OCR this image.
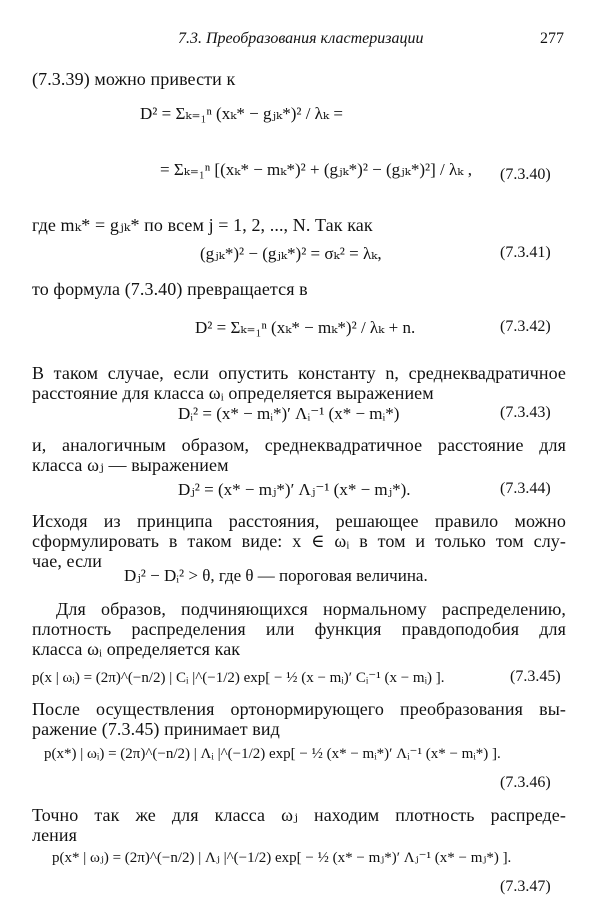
7.3. Преобразования кластеризации	277
(7.3.39) можно привести к
D² = Σₖ₌₁ⁿ (xₖ* − gⱼₖ*)² / λₖ =
= Σₖ₌₁ⁿ [(xₖ* − mₖ*)² + (gⱼₖ*)² − (gⱼₖ*)²] / λₖ , (7.3.40)
где mₖ* = gⱼₖ* по всем j = 1, 2, ..., N. Так как
(gⱼₖ*)² − (gⱼₖ*)² = σₖ² = λₖ,	(7.3.41)
то формула (7.3.40) превращается в
D² = Σₖ₌₁ⁿ (xₖ* − mₖ*)² / λₖ + n.	(7.3.42)
В таком случае, если опустить константу n, среднеквадратичное
расстояние для класса ωᵢ определяется выражением
Dᵢ² = (x* − mᵢ*)′ Λᵢ⁻¹ (x* − mᵢ*)	(7.3.43)
и, аналогичным образом, среднеквадратичное расстояние для
класса ωⱼ — выражением
Dⱼ² = (x* − mⱼ*)′ Λⱼ⁻¹ (x* − mⱼ*).	(7.3.44)
Исходя из принципа расстояния, решающее правило можно
сформулировать в таком виде: x ∈ ωᵢ в том и только том слу-
чае, если
Dⱼ² − Dᵢ² > θ, где θ — пороговая величина.
Для образов, подчиняющихся нормальному распределению,
плотность распределения или функция правдоподобия для
класса ωᵢ определяется как
p(x | ωᵢ) = (2π)^(−n/2) | Cᵢ |^(−1/2) exp[ − ½ (x − mᵢ)′ Cᵢ⁻¹ (x − mᵢ) ].	(7.3.45)
После осуществления ортонормирующего преобразования вы-
ражение (7.3.45) принимает вид
p(x*) | ωᵢ) = (2π)^(−n/2) | Λᵢ |^(−1/2) exp[ − ½ (x* − mᵢ*)′ Λᵢ⁻¹ (x* − mᵢ*) ].
(7.3.46)
Точно так же для класса ωⱼ находим плотность распреде-
ления
p(x* | ωⱼ) = (2π)^(−n/2) | Λⱼ |^(−1/2) exp[ − ½ (x* − mⱼ*)′ Λⱼ⁻¹ (x* − mⱼ*) ].
(7.3.47)
